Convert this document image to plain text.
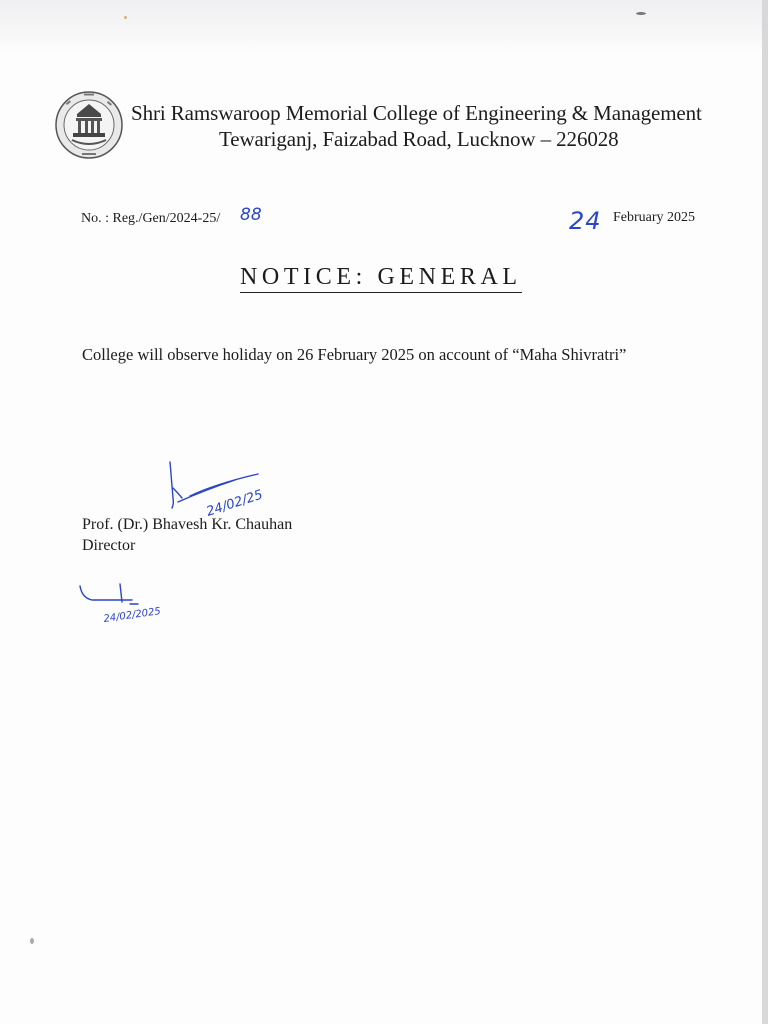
Shri Ramswaroop Memorial College of Engineering & Management
Tewariganj, Faizabad Road, Lucknow – 226028
No. : Reg./Gen/2024-25/ 88	24 February 2025
NOTICE: GENERAL
College will observe holiday on 26 February 2025 on account of “Maha Shivratri”
24/02/25
Prof. (Dr.) Bhavesh Kr. Chauhan
Director
24/02/2025
